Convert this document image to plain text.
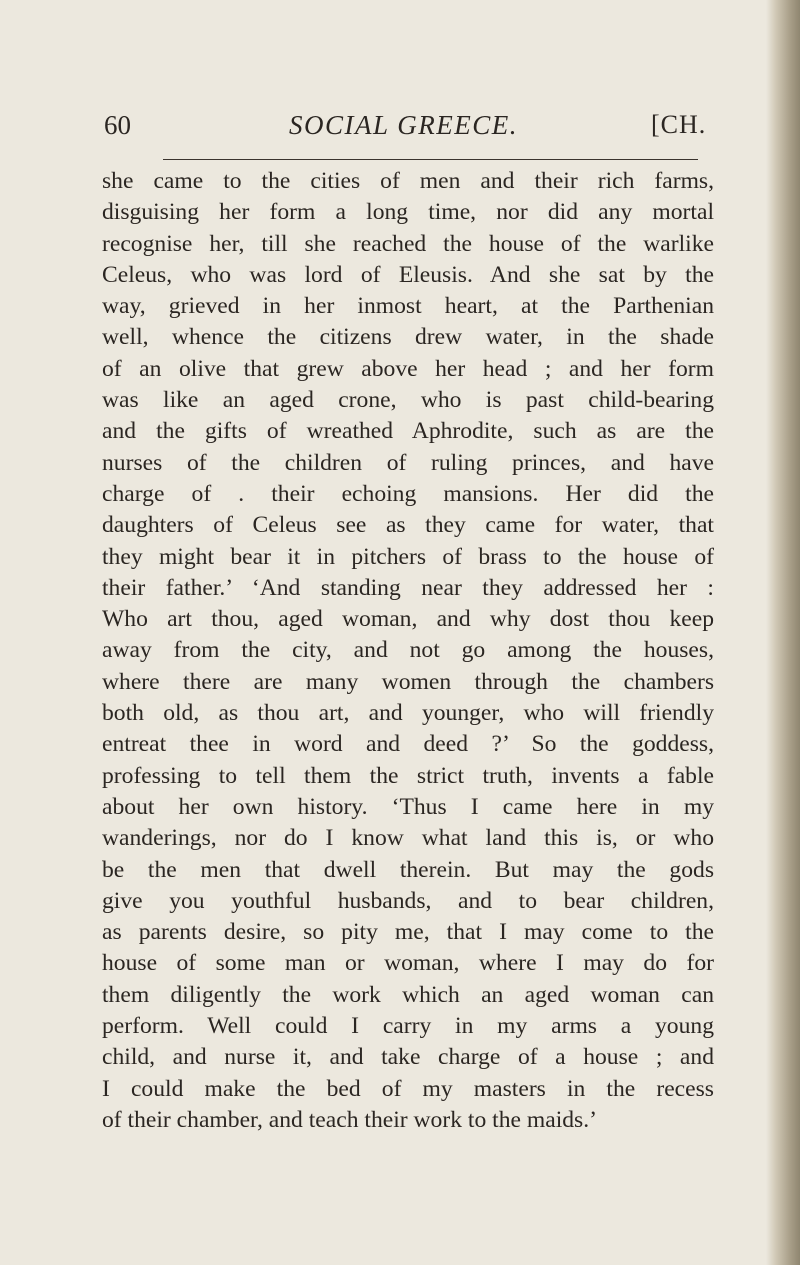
60	SOCIAL GREECE.	[CH.
she came to the cities of men and their rich farms,
disguising her form a long time, nor did any mortal
recognise her, till she reached the house of the warlike
Celeus, who was lord of Eleusis. And she sat by the
way, grieved in her inmost heart, at the Parthenian
well, whence the citizens drew water, in the shade
of an olive that grew above her head ; and her form
was like an aged crone, who is past child-bearing
and the gifts of wreathed Aphrodite, such as are the
nurses of the children of ruling princes, and have
charge of . their echoing mansions. Her did the
daughters of Celeus see as they came for water, that
they might bear it in pitchers of brass to the house of
their father.’ ‘And standing near they addressed her :
Who art thou, aged woman, and why dost thou keep
away from the city, and not go among the houses,
where there are many women through the chambers
both old, as thou art, and younger, who will friendly
entreat thee in word and deed ?’ So the goddess,
professing to tell them the strict truth, invents a fable
about her own history. ‘Thus I came here in my
wanderings, nor do I know what land this is, or who
be the men that dwell therein. But may the gods
give you youthful husbands, and to bear children,
as parents desire, so pity me, that I may come to the
house of some man or woman, where I may do for
them diligently the work which an aged woman can
perform. Well could I carry in my arms a young
child, and nurse it, and take charge of a house ; and
I could make the bed of my masters in the recess
of their chamber, and teach their work to the maids.’
